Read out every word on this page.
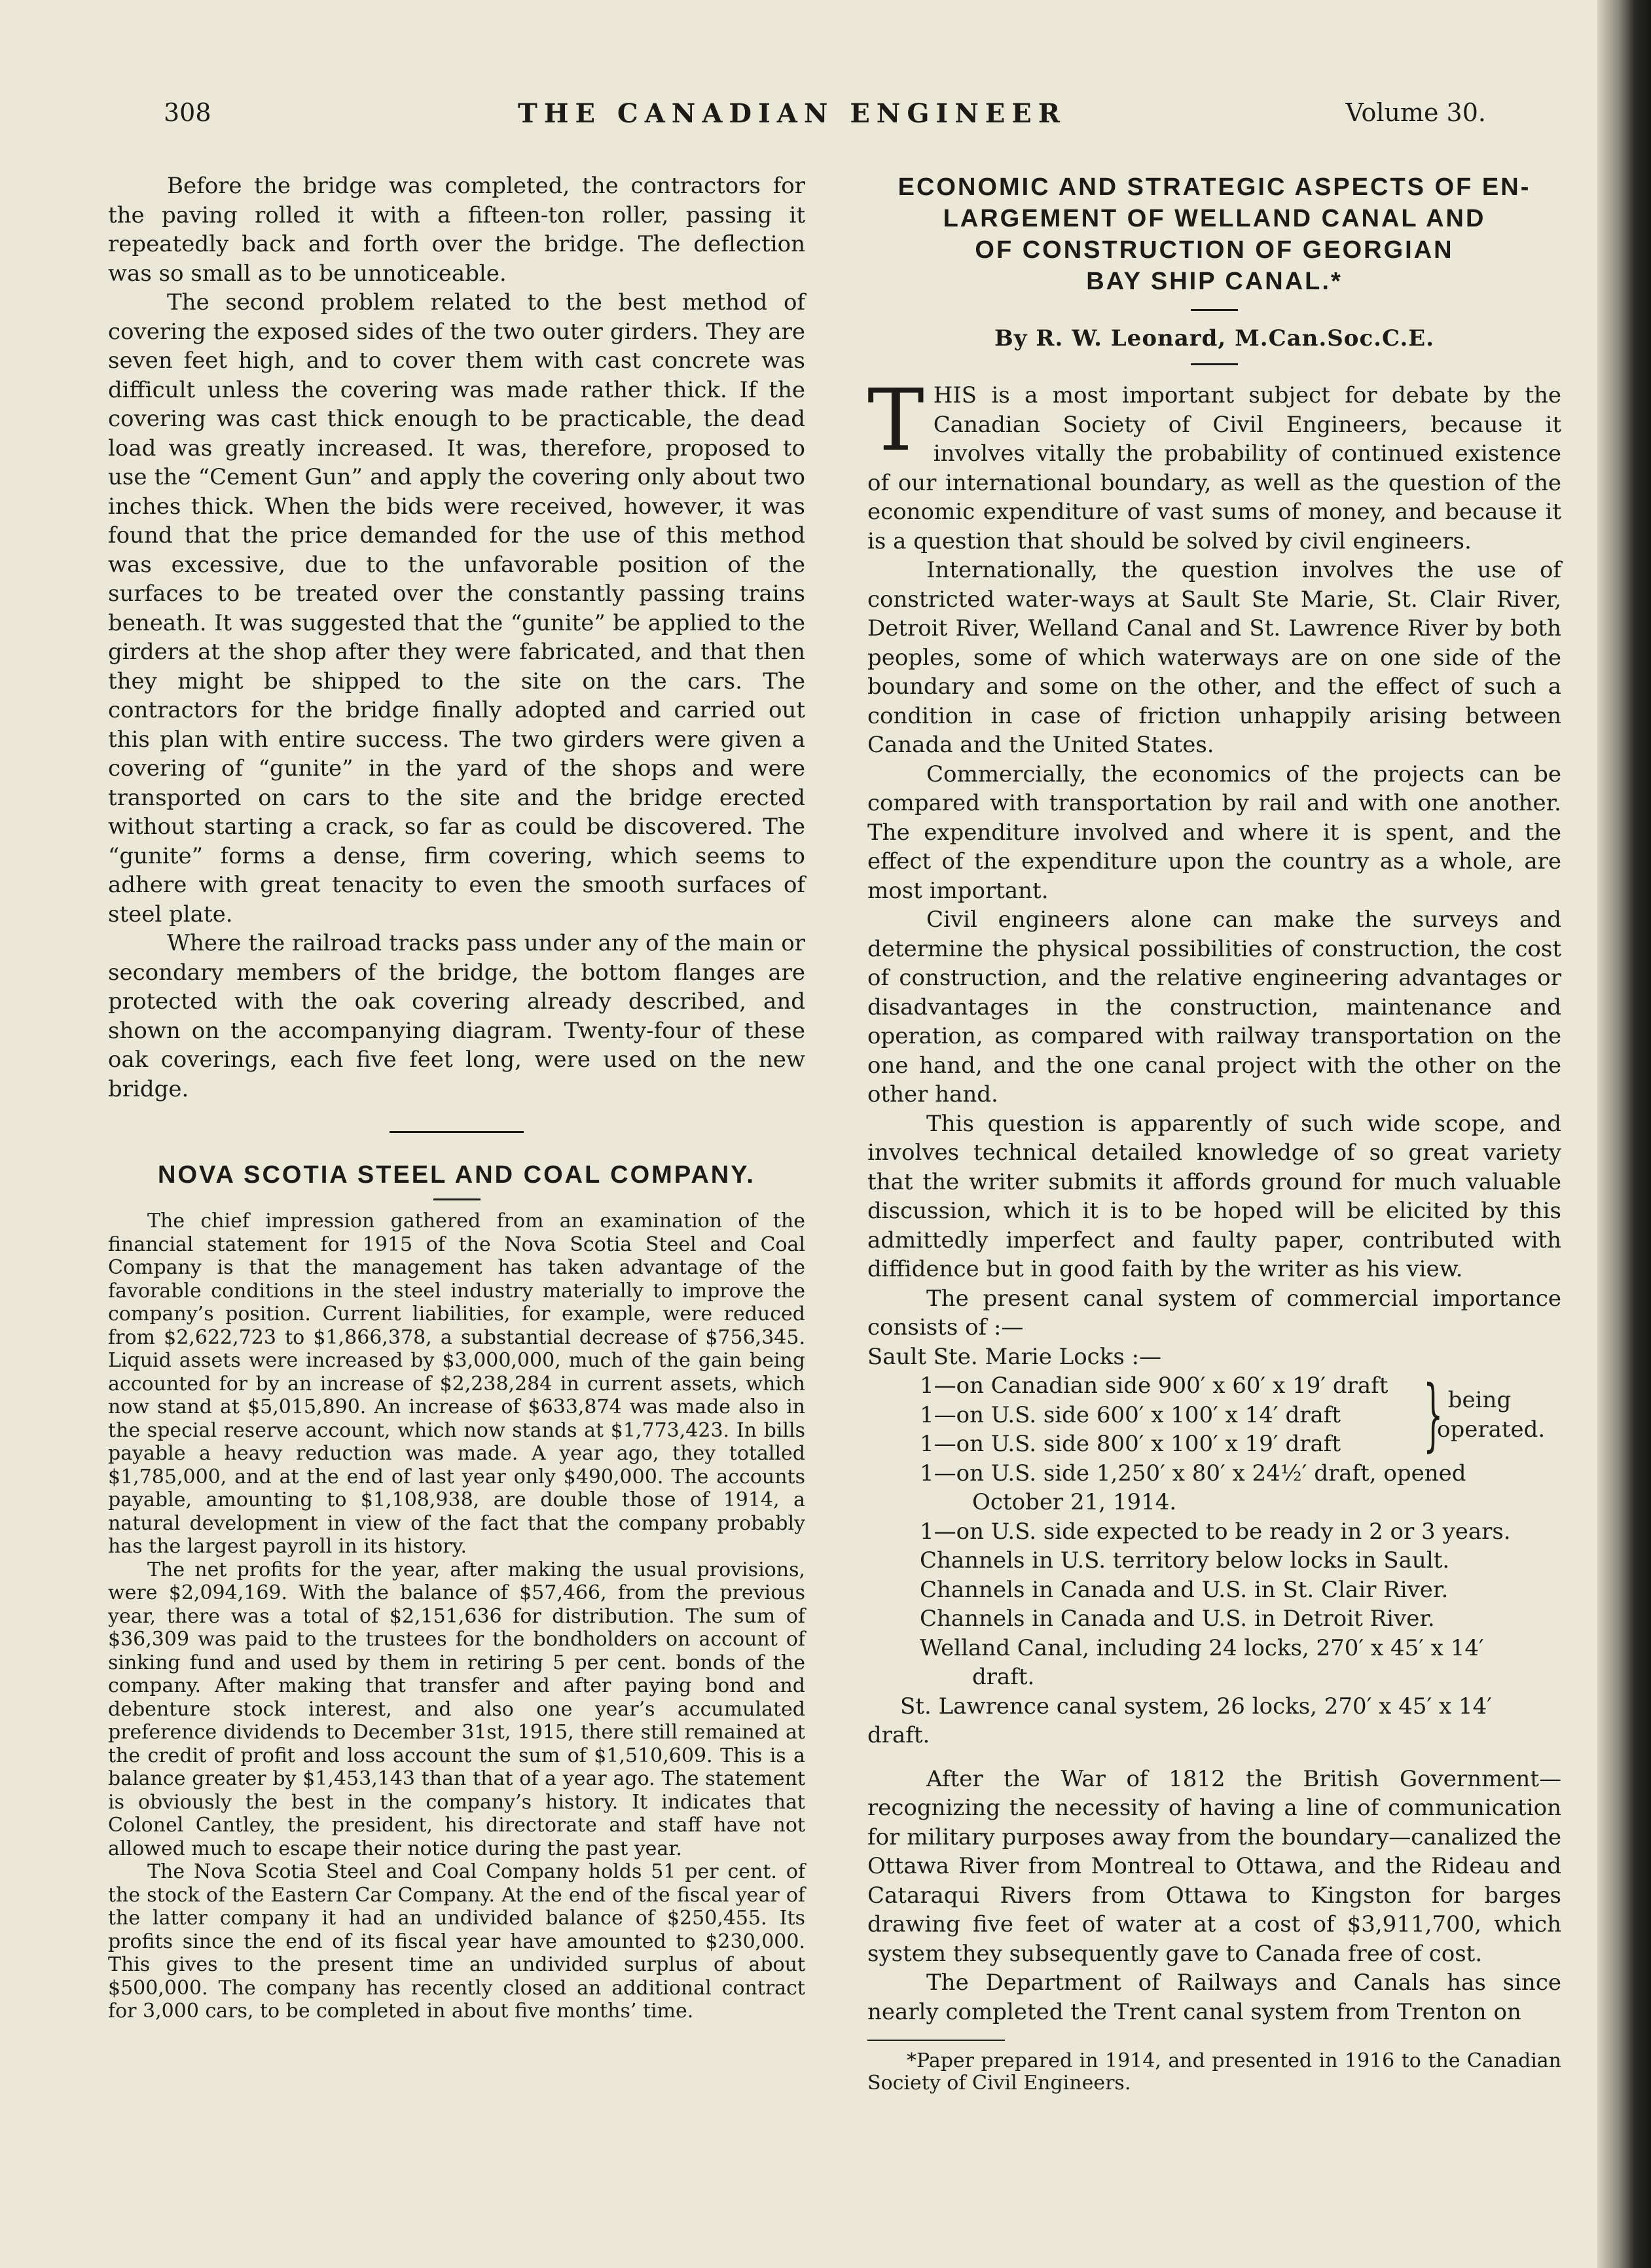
308	THE CANADIAN ENGINEER	Volume 30.

Before the bridge was completed, the contractors for the paving rolled it with a fifteen-ton roller, passing it repeatedly back and forth over the bridge. The deflection was so small as to be unnoticeable.

The second problem related to the best method of covering the exposed sides of the two outer girders. They are seven feet high, and to cover them with cast concrete was difficult unless the covering was made rather thick. If the covering was cast thick enough to be practicable, the dead load was greatly increased. It was, therefore, proposed to use the “Cement Gun” and apply the covering only about two inches thick. When the bids were received, however, it was found that the price demanded for the use of this method was excessive, due to the unfavorable position of the surfaces to be treated over the constantly passing trains beneath. It was suggested that the “gunite” be applied to the girders at the shop after they were fabricated, and that then they might be shipped to the site on the cars. The contractors for the bridge finally adopted and carried out this plan with entire success. The two girders were given a covering of “gunite” in the yard of the shops and were transported on cars to the site and the bridge erected without starting a crack, so far as could be discovered. The “gunite” forms a dense, firm covering, which seems to adhere with great tenacity to even the smooth surfaces of steel plate.

Where the railroad tracks pass under any of the main or secondary members of the bridge, the bottom flanges are protected with the oak covering already described, and shown on the accompanying diagram. Twenty-four of these oak coverings, each five feet long, were used on the new bridge.

NOVA SCOTIA STEEL AND COAL COMPANY.

The chief impression gathered from an examination of the financial statement for 1915 of the Nova Scotia Steel and Coal Company is that the management has taken advantage of the favorable conditions in the steel industry materially to improve the company’s position. Current liabilities, for example, were reduced from $2,622,723 to $1,866,378, a substantial decrease of $756,345. Liquid assets were increased by $3,000,000, much of the gain being accounted for by an increase of $2,238,284 in current assets, which now stand at $5,015,890. An increase of $633,874 was made also in the special reserve account, which now stands at $1,773,423. In bills payable a heavy reduction was made. A year ago, they totalled $1,785,000, and at the end of last year only $490,000. The accounts payable, amounting to $1,108,938, are double those of 1914, a natural development in view of the fact that the company probably has the largest payroll in its history.

The net profits for the year, after making the usual provisions, were $2,094,169. With the balance of $57,466, from the previous year, there was a total of $2,151,636 for distribution. The sum of $36,309 was paid to the trustees for the bondholders on account of sinking fund and used by them in retiring 5 per cent. bonds of the company. After making that transfer and after paying bond and debenture stock interest, and also one year’s accumulated preference dividends to December 31st, 1915, there still remained at the credit of profit and loss account the sum of $1,510,609. This is a balance greater by $1,453,143 than that of a year ago. The statement is obviously the best in the company’s history. It indicates that Colonel Cantley, the president, his directorate and staff have not allowed much to escape their notice during the past year.

The Nova Scotia Steel and Coal Company holds 51 per cent. of the stock of the Eastern Car Company. At the end of the fiscal year of the latter company it had an undivided balance of $250,455. Its profits since the end of its fiscal year have amounted to $230,000. This gives to the present time an undivided surplus of about $500,000. The company has recently closed an additional contract for 3,000 cars, to be completed in about five months’ time.

ECONOMIC AND STRATEGIC ASPECTS OF EN-
LARGEMENT OF WELLAND CANAL AND
OF CONSTRUCTION OF GEORGIAN
BAY SHIP CANAL.*
By R. W. Leonard, M.Can.Soc.C.E.

THIS is a most important subject for debate by the Canadian Society of Civil Engineers, because it involves vitally the probability of continued existence of our international boundary, as well as the question of the economic expenditure of vast sums of money, and because it is a question that should be solved by civil engineers.

Internationally, the question involves the use of constricted water-ways at Sault Ste Marie, St. Clair River, Detroit River, Welland Canal and St. Lawrence River by both peoples, some of which waterways are on one side of the boundary and some on the other, and the effect of such a condition in case of friction unhappily arising between Canada and the United States.

Commercially, the economics of the projects can be compared with transportation by rail and with one another. The expenditure involved and where it is spent, and the effect of the expenditure upon the country as a whole, are most important.

Civil engineers alone can make the surveys and determine the physical possibilities of construction, the cost of construction, and the relative engineering advantages or disadvantages in the construction, maintenance and operation, as compared with railway transportation on the one hand, and the one canal project with the other on the other hand.

This question is apparently of such wide scope, and involves technical detailed knowledge of so great variety that the writer submits it affords ground for much valuable discussion, which it is to be hoped will be elicited by this admittedly imperfect and faulty paper, contributed with diffidence but in good faith by the writer as his view.

The present canal system of commercial importance consists of :—

Sault Ste. Marie Locks :—
1—on Canadian side 900′ x 60′ x 19′ draft
1—on U.S. side 600′ x 100′ x 14′ draft
1—on U.S. side 800′ x 100′ x 19′ draft	} being operated.
1—on U.S. side 1,250′ x 80′ x 24½′ draft, opened
October 21, 1914.
1—on U.S. side expected to be ready in 2 or 3 years.
Channels in U.S. territory below locks in Sault.
Channels in Canada and U.S. in St. Clair River.
Channels in Canada and U.S. in Detroit River.
Welland Canal, including 24 locks, 270′ x 45′ x 14′
draft.
St. Lawrence canal system, 26 locks, 270′ x 45′ x 14′
draft.

After the War of 1812 the British Government—recognizing the necessity of having a line of communication for military purposes away from the boundary—canalized the Ottawa River from Montreal to Ottawa, and the Rideau and Cataraqui Rivers from Ottawa to Kingston for barges drawing five feet of water at a cost of $3,911,700, which system they subsequently gave to Canada free of cost.

The Department of Railways and Canals has since nearly completed the Trent canal system from Trenton on

*Paper prepared in 1914, and presented in 1916 to the Canadian Society of Civil Engineers.
